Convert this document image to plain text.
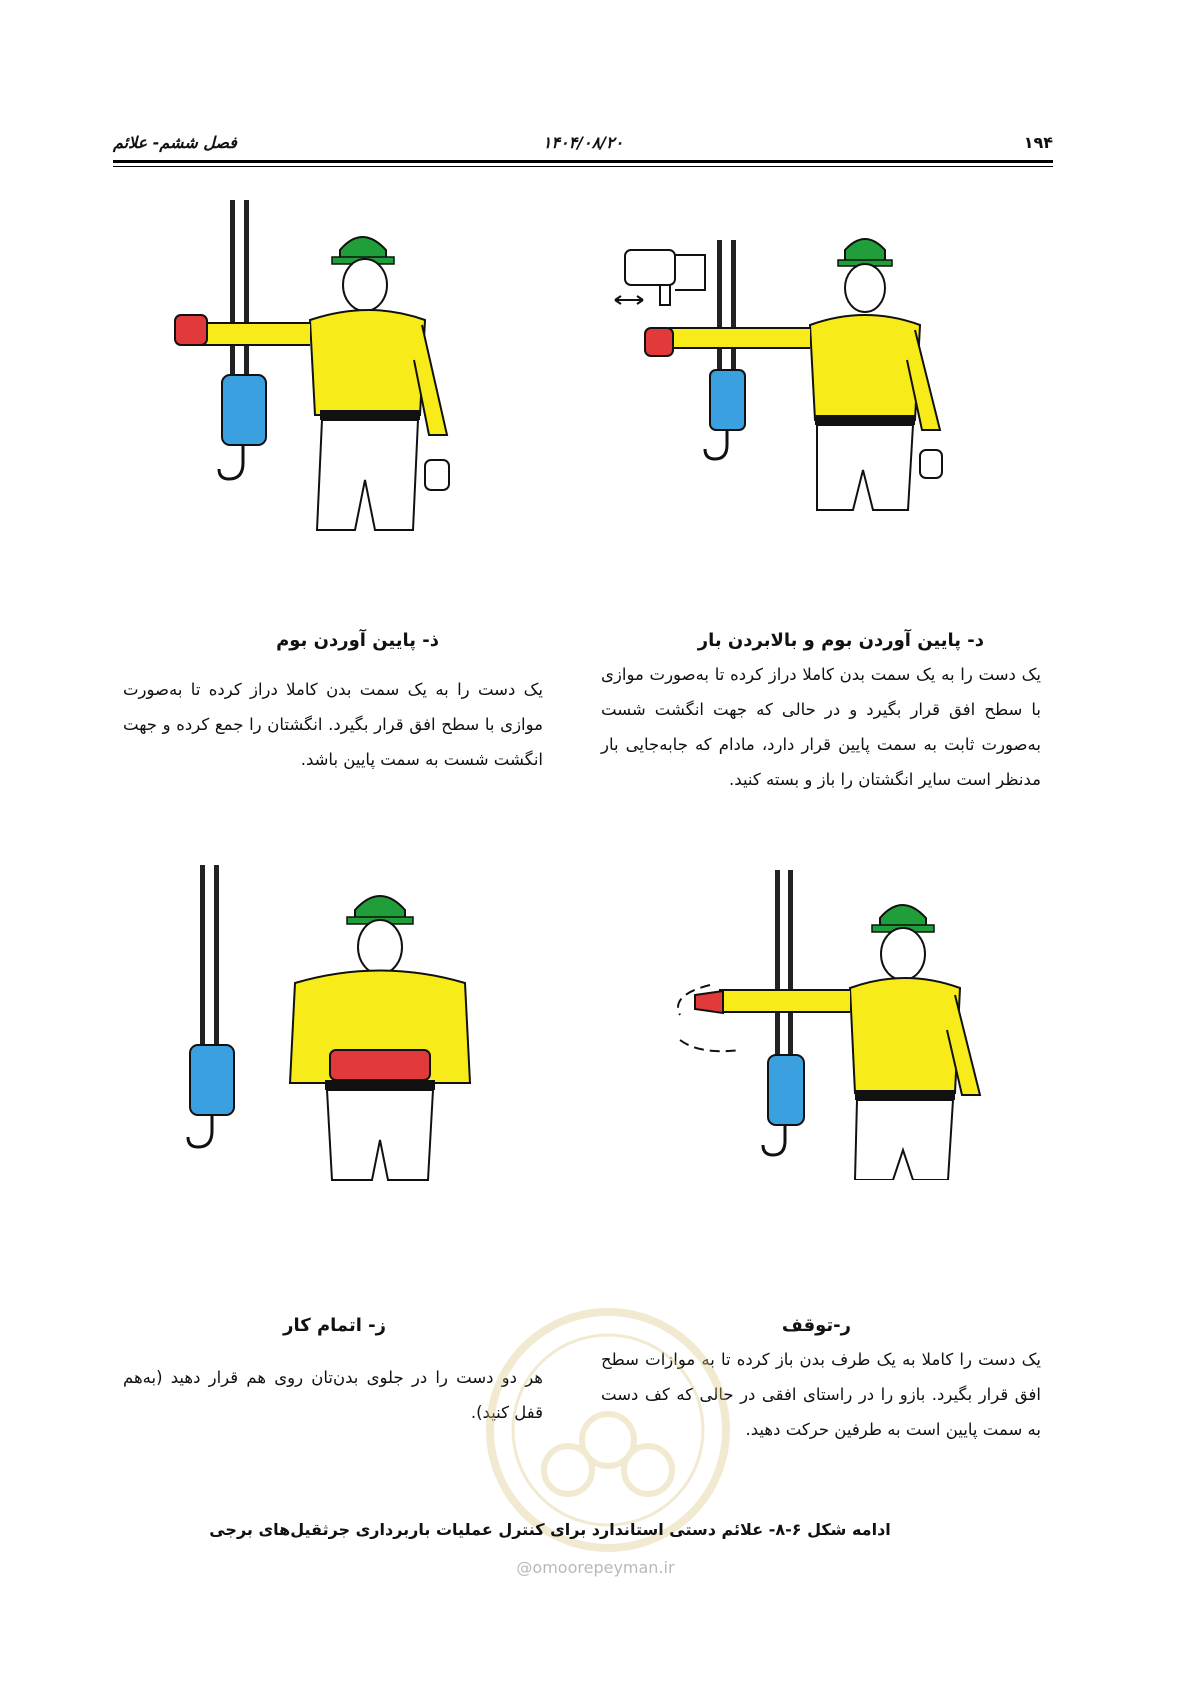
۱۹۴
۱۴۰۴/۰۸/۲۰
فصل ششم- علائم
د- پایین آوردن بوم و بالابردن بار
یک دست را به یک سمت بدن کاملا دراز کرده تا به‌صورت موازی با سطح افق قرار بگیرد و در حالی که جهت انگشت شست به‌صورت ثابت به سمت پایین قرار دارد، مادام که جابه‌جایی بار مدنظر است سایر انگشتان را باز و بسته کنید.
ذ- پایین آوردن بوم
یک دست را به یک سمت بدن کاملا دراز کرده تا به‌صورت موازی با سطح افق قرار بگیرد. انگشتان را جمع کرده و جهت انگشت شست به سمت پایین باشد.
ر-توقف
یک دست را کاملا به یک طرف بدن باز کرده تا به موازات سطح افق قرار بگیرد. بازو را در راستای افقی در حالی که کف دست به سمت پایین است به طرفین حرکت دهید.
ز- اتمام کار
هر دو دست را در جلوی بدن‌تان روی هم قرار دهید (به‌هم قفل کنید).
ادامه شکل ۶-۸- علائم دستی استاندارد برای کنترل عملیات باربرداری جرثقیل‌های برجی
@omoorepeyman.ir
